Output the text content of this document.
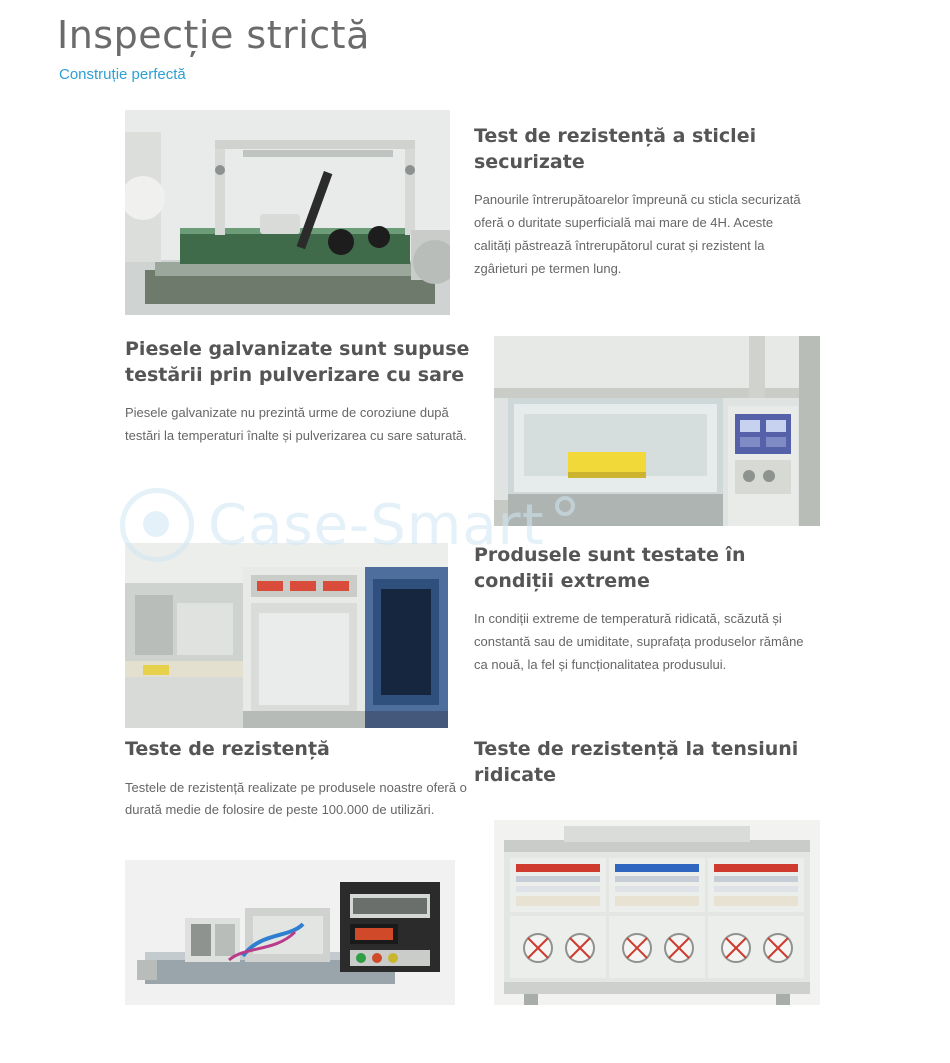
Inspecție strictă
Construție perfectă
Test de rezistență a sticlei securizate

Panourile întrerupătoarelor împreună cu sticla securizată oferă o duritate superficială mai mare de 4H. Aceste calități păstrează întrerupătorul curat și rezistent la zgârieturi pe termen lung.

Piesele galvanizate sunt supuse testării prin pulverizare cu sare

Piesele galvanizate nu prezintă urme de coroziune după testări la temperaturi înalte și pulverizarea cu sare saturată.

Produsele sunt testate în condiții extreme

In condiții extreme de temperatură ridicată, scăzută și constantă sau de umiditate, suprafața produselor rămâne ca nouă, la fel și funcționalitatea produsului.

Teste de rezistență

Testele de rezistență realizate pe produsele noastre oferă o durată medie de folosire de peste 100.000 de utilizări.

Teste de rezistență la tensiuni ridicate
Case-Smart
